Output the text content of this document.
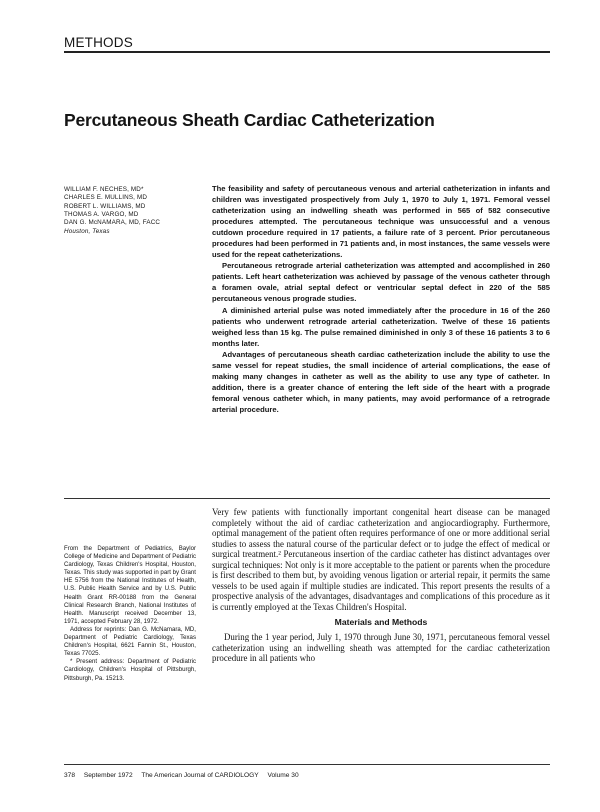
METHODS
Percutaneous Sheath Cardiac Catheterization
WILLIAM F. NECHES, MD*
CHARLES E. MULLINS, MD
ROBERT L. WILLIAMS, MD
THOMAS A. VARGO, MD
DAN G. McNAMARA, MD, FACC
Houston, Texas

The feasibility and safety of percutaneous venous and arterial catheterization in infants and children was investigated prospectively from July 1, 1970 to July 1, 1971. Femoral vessel catheterization using an indwelling sheath was performed in 565 of 582 consecutive procedures attempted. The percutaneous technique was unsuccessful and a venous cutdown procedure required in 17 patients, a failure rate of 3 percent. Prior percutaneous procedures had been performed in 71 patients and, in most instances, the same vessels were used for the repeat catheterizations.

Percutaneous retrograde arterial catheterization was attempted and accomplished in 260 patients. Left heart catheterization was achieved by passage of the venous catheter through a foramen ovale, atrial septal defect or ventricular septal defect in 220 of the 585 percutaneous venous prograde studies.

A diminished arterial pulse was noted immediately after the procedure in 16 of the 260 patients who underwent retrograde arterial catheterization. Twelve of these 16 patients weighed less than 15 kg. The pulse remained diminished in only 3 of these 16 patients 3 to 6 months later.

Advantages of percutaneous sheath cardiac catheterization include the ability to use the same vessel for repeat studies, the small incidence of arterial complications, the ease of making many changes in catheter as well as the ability to use any type of catheter. In addition, there is a greater chance of entering the left side of the heart with a prograde femoral venous catheter which, in many patients, may avoid performance of a retrograde arterial procedure.

From the Department of Pediatrics, Baylor College of Medicine and Department of Pediatric Cardiology, Texas Children's Hospital, Houston, Texas. This study was supported in part by Grant HE 5756 from the National Institutes of Health, U.S. Public Health Service and by U.S. Public Health Grant RR-00188 from the General Clinical Research Branch, National Institutes of Health. Manuscript received December 13, 1971, accepted February 28, 1972.

Address for reprints: Dan G. McNamara, MD, Department of Pediatric Cardiology, Texas Children's Hospital, 6621 Fannin St., Houston, Texas 77025.

* Present address: Department of Pediatric Cardiology, Children's Hospital of Pittsburgh, Pittsburgh, Pa. 15213.

Very few patients with functionally important congenital heart disease can be managed completely without the aid of cardiac catheterization and angiocardiography. Furthermore, optimal management of the patient often requires performance of one or more additional serial studies to assess the natural course of the particular defect or to judge the effect of medical or surgical treatment.² Percutaneous insertion of the cardiac catheter has distinct advantages over surgical techniques: Not only is it more acceptable to the patient or parents when the procedure is first described to them but, by avoiding venous ligation or arterial repair, it permits the same vessels to be used again if multiple studies are indicated. This report presents the results of a prospective analysis of the advantages, disadvantages and complications of this procedure as it is currently employed at the Texas Children's Hospital.

Materials and Methods

During the 1 year period, July 1, 1970 through June 30, 1971, percutaneous femoral vessel catheterization using an indwelling sheath was attempted for the cardiac catheterization procedure in all patients who

378 September 1972 The American Journal of CARDIOLOGY Volume 30
